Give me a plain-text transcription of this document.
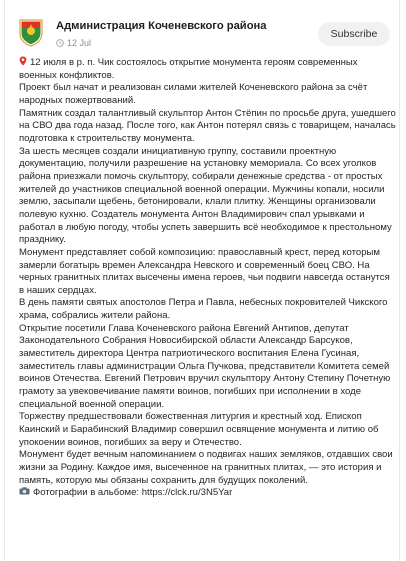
Администрация Коченевского района
12 Jul
Subscribe

12 июля в р. п. Чик состоялось открытие монумента героям современных военных конфликтов.

Проект был начат и реализован силами жителей Коченевского района за счёт народных пожертвований.

Памятник создал талантливый скульптор Антон Стёпин по просьбе друга, ушедшего на СВО два года назад. После того, как Антон потерял связь с товарищем, началась подготовка к строительству монумента.

За шесть месяцев создали инициативную группу, составили проектную документацию, получили разрешение на установку мемориала. Со всех уголков района приезжали помочь скульптору, собирали денежные средства - от простых жителей до участников специальной военной операции. Мужчины копали, носили землю, засыпали щебень, бетонировали, клали плитку. Женщины организовали полевую кухню. Создатель монумента Антон Владимирович спал урывками и работал в любую погоду, чтобы успеть завершить всё необходимое к престольному празднику.

Монумент представляет собой композицию: православный крест, перед которым замерли богатырь времен Александра Невского и современный боец СВО. На черных гранитных плитах высечены имена героев, чьи подвиги навсегда останутся в наших сердцах.

В день памяти святых апостолов Петра и Павла, небесных покровителей Чикского храма, собрались жители района.

Открытие посетили Глава Коченевского района Евгений Антипов, депутат Законодательного Собрания Новосибирской области Александр Барсуков, заместитель директора Центра патриотического воспитания Елена Гусиная, заместитель главы администрации Ольга Пучкова, представители Комитета семей воинов Отечества. Евгений Петрович вручил скульптору Антону Степину Почетную грамоту за увековечивание памяти воинов, погибших при исполнении в ходе специальной военной операции.

Торжеству предшествовали божественная литургия и крестный ход. Епископ Каинский и Барабинский Владимир совершил освящение монумента и литию об упокоении воинов, погибших за веру и Отечество.

Монумент будет вечным напоминанием о подвигах наших земляков, отдавших свои жизни за Родину. Каждое имя, высеченное на гранитных плитах, — это история и память, которую мы обязаны сохранить для будущих поколений.

Фотографии в альбоме: https://clck.ru/3N5Yar
